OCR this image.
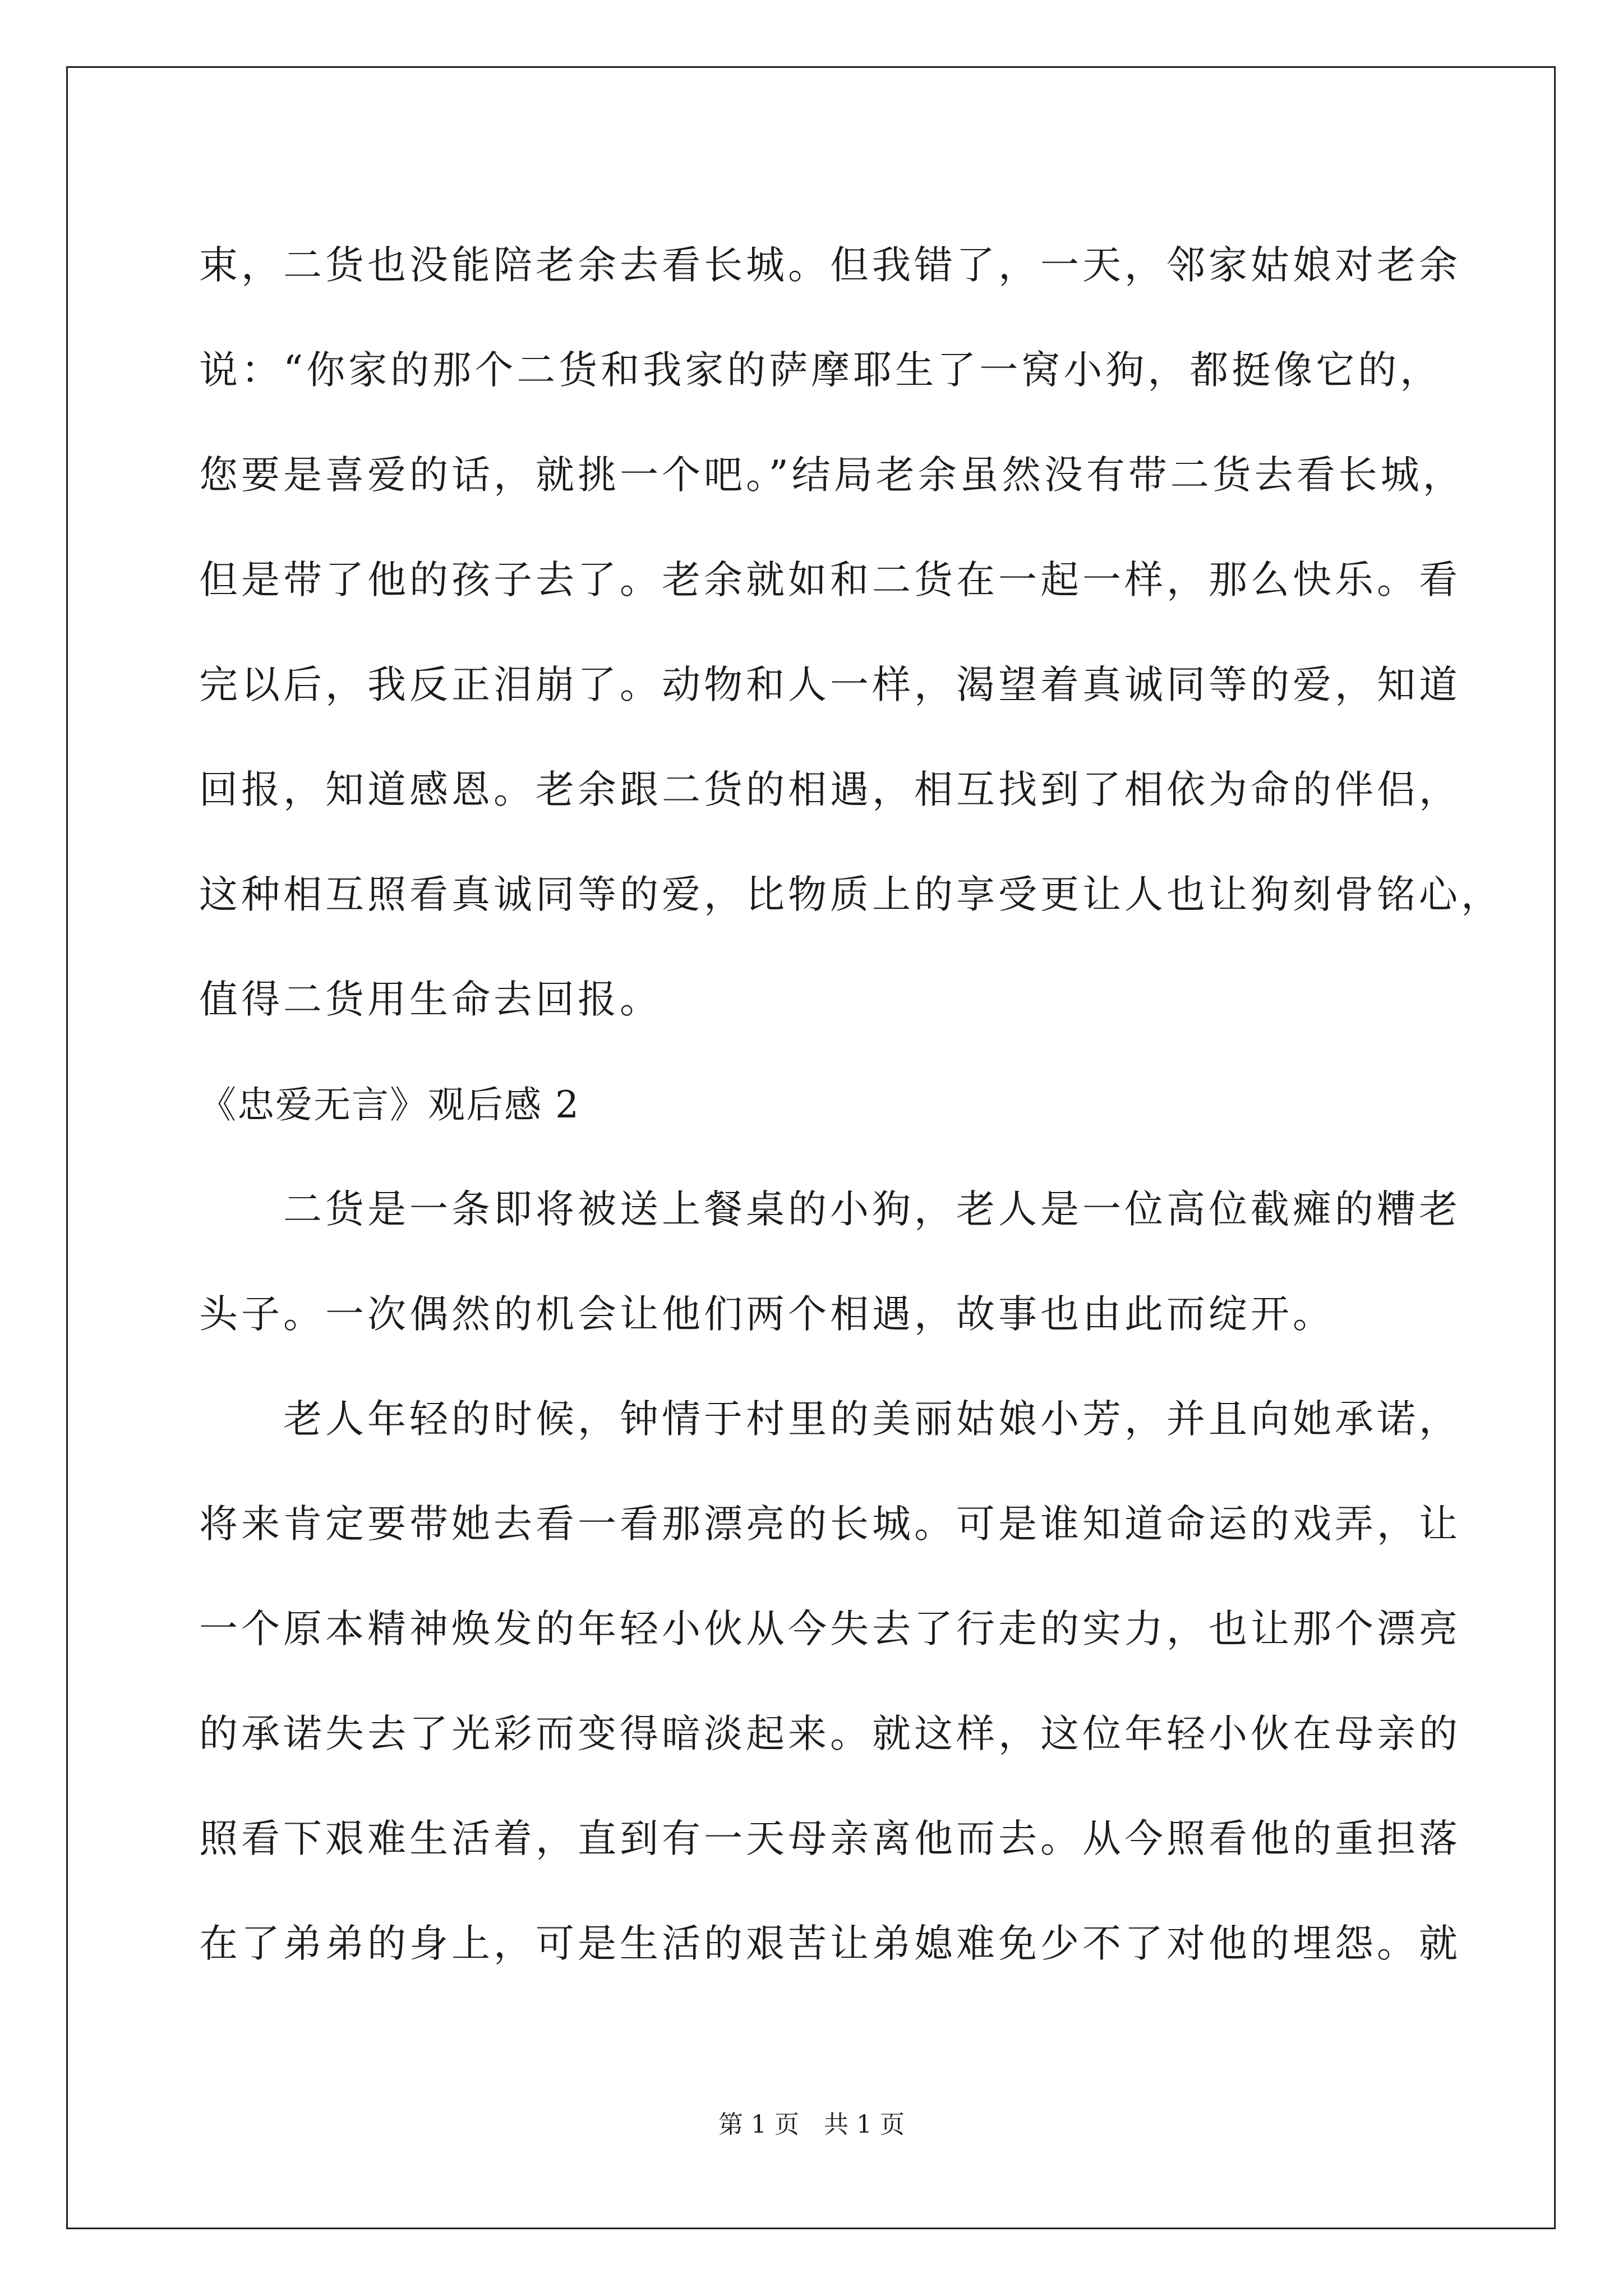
束，二货也没能陪老余去看长城。但我错了，一天，邻家姑娘对老余
说：“你家的那个二货和我家的萨摩耶生了一窝小狗，都挺像它的，
您要是喜爱的话，就挑一个吧。”结局老余虽然没有带二货去看长城，
但是带了他的孩子去了。老余就如和二货在一起一样，那么快乐。看
完以后，我反正泪崩了。动物和人一样，渴望着真诚同等的爱，知道
回报，知道感恩。老余跟二货的相遇，相互找到了相依为命的伴侣，
这种相互照看真诚同等的爱，比物质上的享受更让人也让狗刻骨铭心，
值得二货用生命去回报。
《忠爱无言》观后感 2
　　二货是一条即将被送上餐桌的小狗，老人是一位高位截瘫的糟老
头子。一次偶然的机会让他们两个相遇，故事也由此而绽开。
　　老人年轻的时候，钟情于村里的美丽姑娘小芳，并且向她承诺，
将来肯定要带她去看一看那漂亮的长城。可是谁知道命运的戏弄，让
一个原本精神焕发的年轻小伙从今失去了行走的实力，也让那个漂亮
的承诺失去了光彩而变得暗淡起来。就这样，这位年轻小伙在母亲的
照看下艰难生活着，直到有一天母亲离他而去。从今照看他的重担落
在了弟弟的身上，可是生活的艰苦让弟媳难免少不了对他的埋怨。就
第 1 页　共 1 页
